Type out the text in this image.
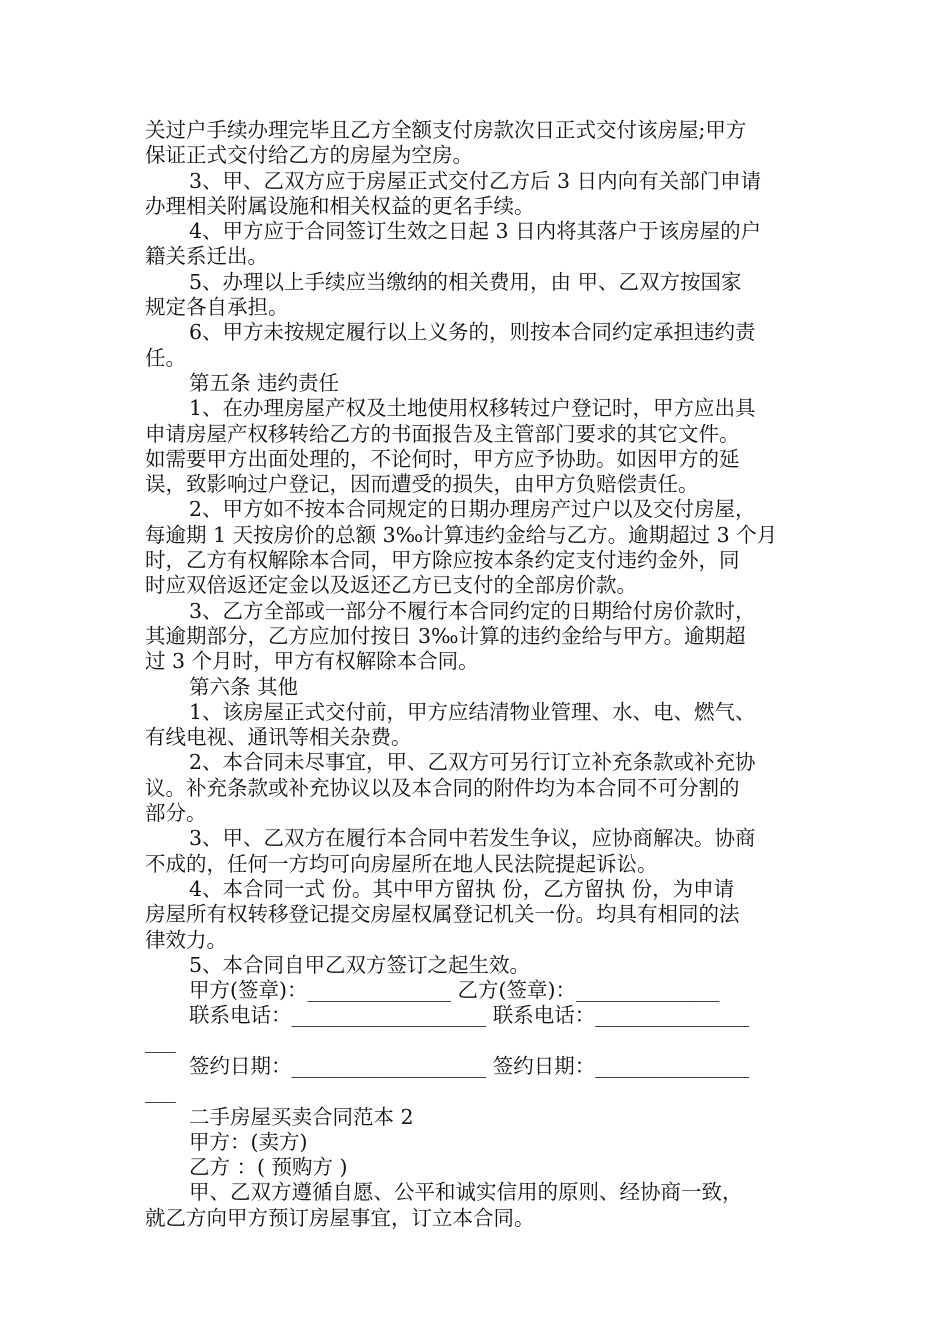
关过户手续办理完毕且乙方全额支付房款次日正式交付该房屋;甲方
保证正式交付给乙方的房屋为空房。
3、甲、乙双方应于房屋正式交付乙方后 3 日内向有关部门申请
办理相关附属设施和相关权益的更名手续。
4、甲方应于合同签订生效之日起 3 日内将其落户于该房屋的户
籍关系迁出。
5、办理以上手续应当缴纳的相关费用，由 甲、乙双方按国家
规定各自承担。
6、甲方未按规定履行以上义务的，则按本合同约定承担违约责
任。
第五条 违约责任
1、在办理房屋产权及土地使用权移转过户登记时，甲方应出具
申请房屋产权移转给乙方的书面报告及主管部门要求的其它文件。
如需要甲方出面处理的，不论何时，甲方应予协助。如因甲方的延
误，致影响过户登记，因而遭受的损失，由甲方负赔偿责任。
2、甲方如不按本合同规定的日期办理房产过户以及交付房屋，
每逾期 1 天按房价的总额 3‰计算违约金给与乙方。逾期超过 3 个月
时，乙方有权解除本合同，甲方除应按本条约定支付违约金外，同
时应双倍返还定金以及返还乙方已支付的全部房价款。
3、乙方全部或一部分不履行本合同约定的日期给付房价款时，
其逾期部分，乙方应加付按日 3‰计算的违约金给与甲方。逾期超
过 3 个月时，甲方有权解除本合同。
第六条 其他
1、该房屋正式交付前，甲方应结清物业管理、水、电、燃气、
有线电视、通讯等相关杂费。
2、本合同未尽事宜，甲、乙双方可另行订立补充条款或补充协
议。补充条款或补充协议以及本合同的附件均为本合同不可分割的
部分。
3、甲、乙双方在履行本合同中若发生争议，应协商解决。协商
不成的，任何一方均可向房屋所在地人民法院提起诉讼。
4、本合同一式 份。其中甲方留执 份，乙方留执 份，为申请
房屋所有权转移登记提交房屋权属登记机关一份。均具有相同的法
律效力。
5、本合同自甲乙双方签订之起生效。
甲方(签章)：______________ 乙方(签章)：______________
联系电话：___________________ 联系电话：_______________
___
签约日期：___________________ 签约日期：_______________
___
二手房屋买卖合同范本 2
甲方：(卖方)
乙方 ：( 预购方 )
甲、乙双方遵循自愿、公平和诚实信用的原则、经协商一致，
就乙方向甲方预订房屋事宜，订立本合同。
